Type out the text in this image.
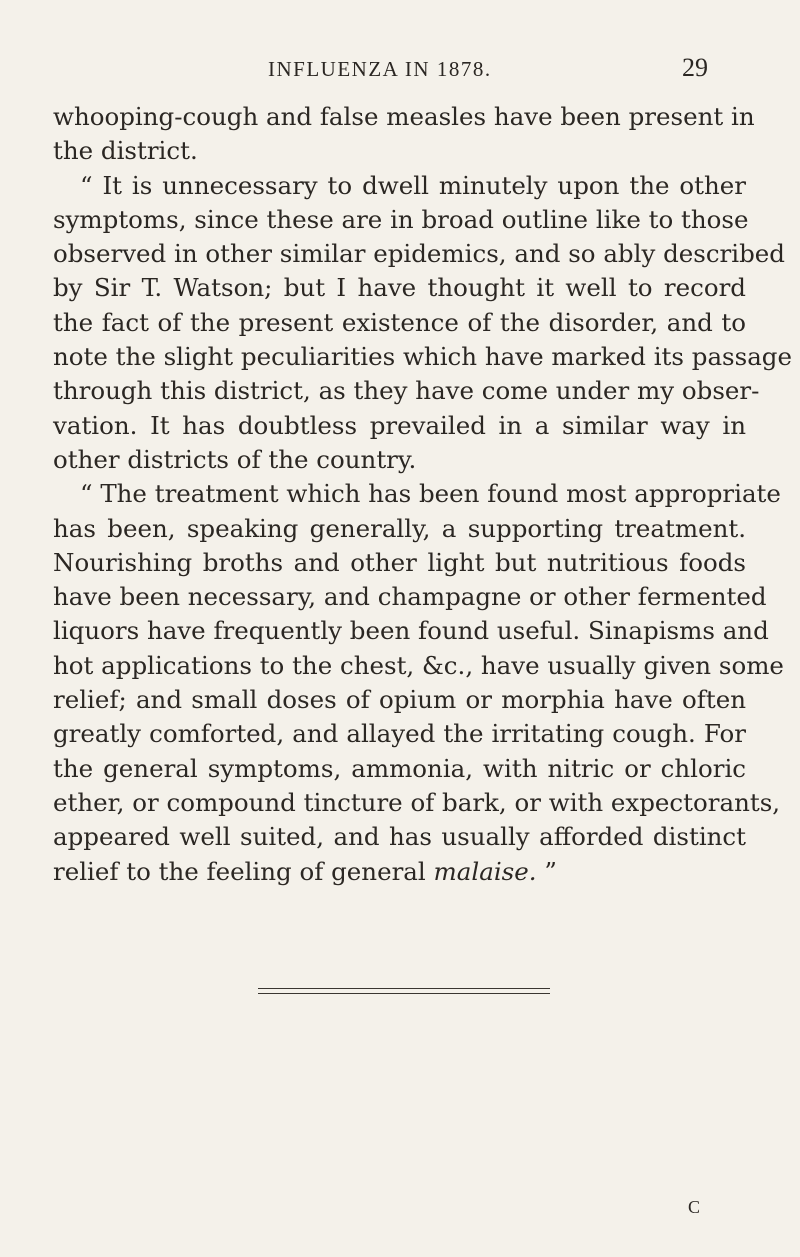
INFLUENZA IN 1878.	29
whooping-cough and false measles have been present in
the district.
“ It is unnecessary to dwell minutely upon the other
symptoms, since these are in broad outline like to those
observed in other similar epidemics, and so ably described
by Sir T. Watson; but I have thought it well to record
the fact of the present existence of the disorder, and to
note the slight peculiarities which have marked its passage
through this district, as they have come under my obser-
vation. It has doubtless prevailed in a similar way in
other districts of the country.
“ The treatment which has been found most appropriate
has been, speaking generally, a supporting treatment.
Nourishing broths and other light but nutritious foods
have been necessary, and champagne or other fermented
liquors have frequently been found useful. Sinapisms and
hot applications to the chest, &c., have usually given some
relief; and small doses of opium or morphia have often
greatly comforted, and allayed the irritating cough. For
the general symptoms, ammonia, with nitric or chloric
ether, or compound tincture of bark, or with expectorants,
appeared well suited, and has usually afforded distinct
relief to the feeling of general malaise. ”
C
